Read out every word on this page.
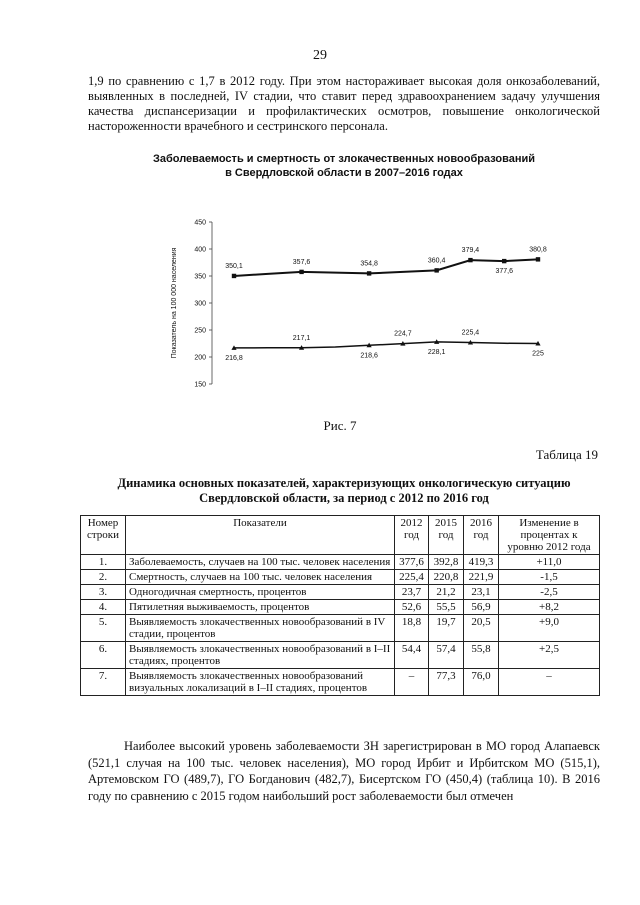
29
1,9 по сравнению с 1,7 в 2012 году. При этом настораживает высокая доля онкозаболеваний, выявленных в последней, IV стадии, что ставит перед здравоохранением задачу улучшения качества диспансеризации и профилактических осмотров, повышение онкологической настороженности врачебного и сестринского персонала.
Заболеваемость и смертность от злокачественных новообразований
в Свердловской области в 2007–2016 годах
Показатель на 100 000 населения
150
200
250
300
350
400
450
350,1
357,6	354,8	360,4
379,4
377,6
380,8
216,8
217,1
218,6
224,7
228,1
225,4
225
Рис. 7
Таблица 19
Динамика основных показателей, характеризующих онкологическую ситуацию
Свердловской области, за период с 2012 по 2016 год
Номер строки	Показатели	2012 год	2015 год	2016 год	Изменение в процентах к уровню 2012 года
1.	Заболеваемость, случаев на 100 тыс. человек населения	377,6	392,8	419,3	+11,0
2.	Смертность, случаев на 100 тыс. человек населения	225,4	220,8	221,9	-1,5
3.	Одногодичная смертность, процентов	23,7	21,2	23,1	-2,5
4.	Пятилетняя выживаемость, процентов	52,6	55,5	56,9	+8,2
5.	Выявляемость злокачественных новообразований в IV стадии, процентов	18,8	19,7	20,5	+9,0
6.	Выявляемость злокачественных новообразований в I–II стадиях, процентов	54,4	57,4	55,8	+2,5
7.	Выявляемость злокачественных новообразований визуальных локализаций в I–II стадиях, процентов	–	77,3	76,0	–
Наиболее высокий уровень заболеваемости ЗН зарегистрирован в МО город Алапаевск (521,1 случая на 100 тыс. человек населения), МО город Ирбит и Ирбитском МО (515,1), Артемовском ГО (489,7), ГО Богданович (482,7), Бисертском ГО (450,4) (таблица 10). В 2016 году по сравнению с 2015 годом наибольший рост заболеваемости был отмечен
